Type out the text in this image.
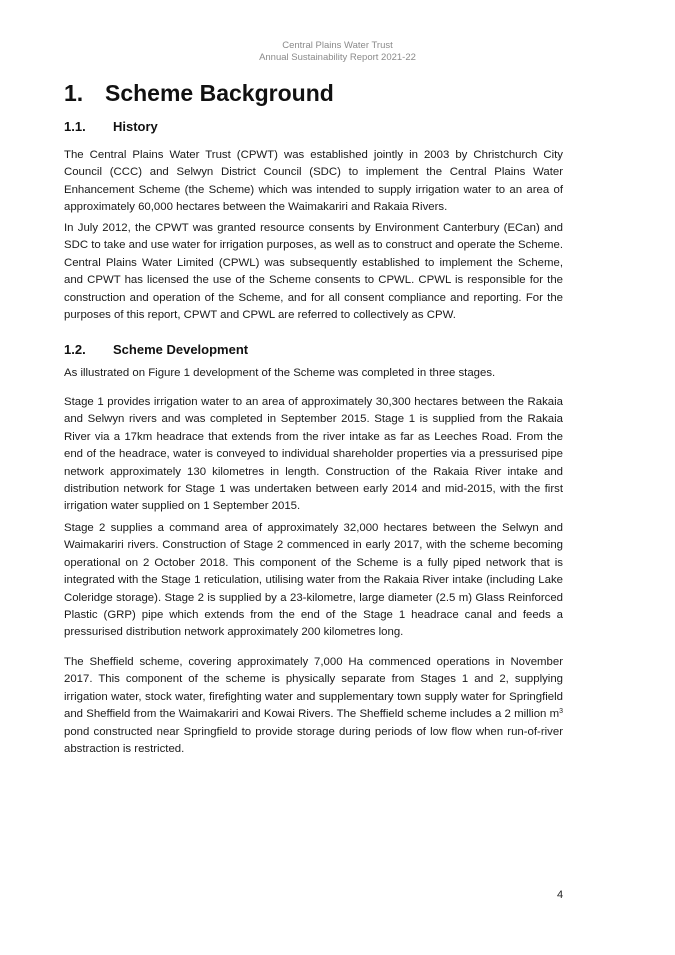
Central Plains Water Trust
Annual Sustainability Report 2021-22
1. Scheme Background
1.1. History

The Central Plains Water Trust (CPWT) was established jointly in 2003 by Christchurch City Council (CCC) and Selwyn District Council (SDC) to implement the Central Plains Water Enhancement Scheme (the Scheme) which was intended to supply irrigation water to an area of approximately 60,000 hectares between the Waimakariri and Rakaia Rivers.

In July 2012, the CPWT was granted resource consents by Environment Canterbury (ECan) and SDC to take and use water for irrigation purposes, as well as to construct and operate the Scheme. Central Plains Water Limited (CPWL) was subsequently established to implement the Scheme, and CPWT has licensed the use of the Scheme consents to CPWL. CPWL is responsible for the construction and operation of the Scheme, and for all consent compliance and reporting. For the purposes of this report, CPWT and CPWL are referred to collectively as CPW.

1.2. Scheme Development

As illustrated on Figure 1 development of the Scheme was completed in three stages.

Stage 1 provides irrigation water to an area of approximately 30,300 hectares between the Rakaia and Selwyn rivers and was completed in September 2015. Stage 1 is supplied from the Rakaia River via a 17km headrace that extends from the river intake as far as Leeches Road. From the end of the headrace, water is conveyed to individual shareholder properties via a pressurised pipe network approximately 130 kilometres in length. Construction of the Rakaia River intake and distribution network for Stage 1 was undertaken between early 2014 and mid-2015, with the first irrigation water supplied on 1 September 2015.

Stage 2 supplies a command area of approximately 32,000 hectares between the Selwyn and Waimakariri rivers. Construction of Stage 2 commenced in early 2017, with the scheme becoming operational on 2 October 2018. This component of the Scheme is a fully piped network that is integrated with the Stage 1 reticulation, utilising water from the Rakaia River intake (including Lake Coleridge storage). Stage 2 is supplied by a 23-kilometre, large diameter (2.5 m) Glass Reinforced Plastic (GRP) pipe which extends from the end of the Stage 1 headrace canal and feeds a pressurised distribution network approximately 200 kilometres long.

The Sheffield scheme, covering approximately 7,000 Ha commenced operations in November 2017. This component of the scheme is physically separate from Stages 1 and 2, supplying irrigation water, stock water, firefighting water and supplementary town supply water for Springfield and Sheffield from the Waimakariri and Kowai Rivers. The Sheffield scheme includes a 2 million $m^3$ pond constructed near Springfield to provide storage during periods of low flow when run-of-river abstraction is restricted.

4
